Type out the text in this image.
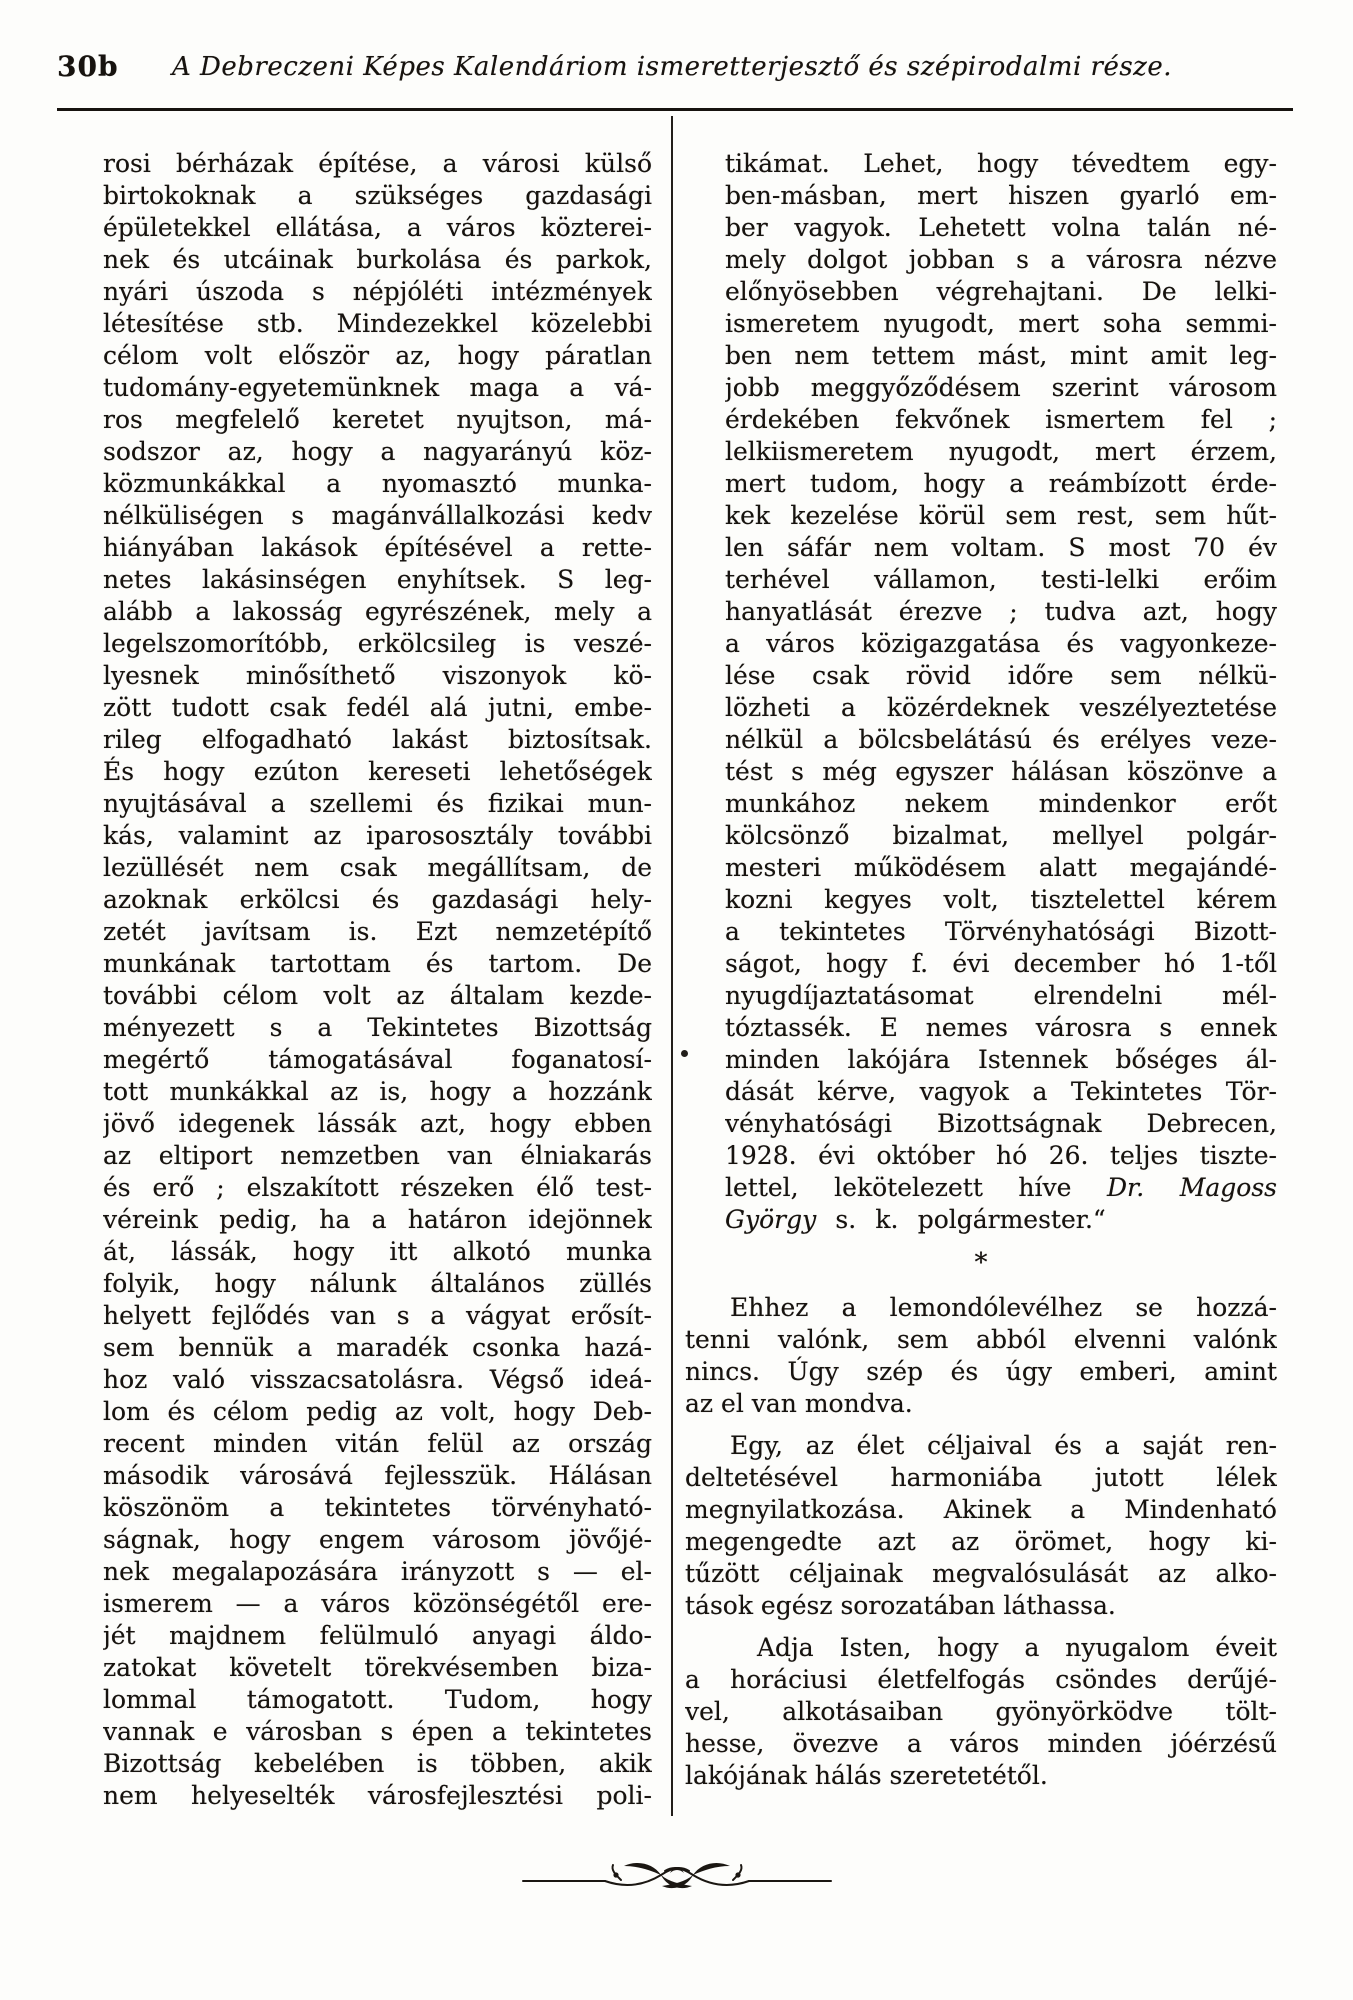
30b A Debreczeni Képes Kalendáriom ismeretterjesztő és szépirodalmi része.
rosi bérházak építése, a városi külső
birtokoknak a szükséges gazdasági
épületekkel ellátása, a város közterei-
nek és utcáinak burkolása és parkok,
nyári úszoda s népjóléti intézmények
létesítése stb. Mindezekkel közelebbi
célom volt először az, hogy páratlan
tudomány-egyetemünknek maga a vá-
ros megfelelő keretet nyujtson, má-
sodszor az, hogy a nagyarányú köz-
közmunkákkal a nyomasztó munka-
nélküliségen s magánvállalkozási kedv
hiányában lakások építésével a rette-
netes lakásinségen enyhítsek. S leg-
alább a lakosság egyrészének, mely a
legelszomorítóbb, erkölcsileg is veszé-
lyesnek minősíthető viszonyok kö-
zött tudott csak fedél alá jutni, embe-
rileg elfogadható lakást biztosítsak.
És hogy ezúton kereseti lehetőségek
nyujtásával a szellemi és fizikai mun-
kás, valamint az iparososztály további
lezüllését nem csak megállítsam, de
azoknak erkölcsi és gazdasági hely-
zetét javítsam is. Ezt nemzetépítő
munkának tartottam és tartom. De
további célom volt az általam kezde-
ményezett s a Tekintetes Bizottság
megértő támogatásával foganatosí-
tott munkákkal az is, hogy a hozzánk
jövő idegenek lássák azt, hogy ebben
az eltiport nemzetben van élniakarás
és erő ; elszakított részeken élő test-
véreink pedig, ha a határon idejönnek
át, lássák, hogy itt alkotó munka
folyik, hogy nálunk általános züllés
helyett fejlődés van s a vágyat erősít-
sem bennük a maradék csonka hazá-
hoz való visszacsatolásra. Végső ideá-
lom és célom pedig az volt, hogy Deb-
recent minden vitán felül az ország
második városává fejlesszük. Hálásan
köszönöm a tekintetes törvényható-
ságnak, hogy engem városom jövőjé-
nek megalapozására irányzott s — el-
ismerem — a város közönségétől ere-
jét majdnem felülmuló anyagi áldo-
zatokat követelt törekvésemben biza-
lommal támogatott. Tudom, hogy
vannak e városban s épen a tekintetes
Bizottság kebelében is többen, akik
nem helyeselték városfejlesztési poli-
tikámat. Lehet, hogy tévedtem egy-
ben-másban, mert hiszen gyarló em-
ber vagyok. Lehetett volna talán né-
mely dolgot jobban s a városra nézve
előnyösebben végrehajtani. De lelki-
ismeretem nyugodt, mert soha semmi-
ben nem tettem mást, mint amit leg-
jobb meggyőződésem szerint városom
érdekében fekvőnek ismertem fel ;
lelkiismeretem nyugodt, mert érzem,
mert tudom, hogy a reámbízott érde-
kek kezelése körül sem rest, sem hűt-
len sáfár nem voltam. S most 70 év
terhével vállamon, testi-lelki erőim
hanyatlását érezve ; tudva azt, hogy
a város közigazgatása és vagyonkeze-
lése csak rövid időre sem nélkü-
lözheti a közérdeknek veszélyeztetése
nélkül a bölcsbelátású és erélyes veze-
tést s még egyszer hálásan köszönve a
munkához nekem mindenkor erőt
kölcsönző bizalmat, mellyel polgár-
mesteri működésem alatt megajándé-
kozni kegyes volt, tisztelettel kérem
a tekintetes Törvényhatósági Bizott-
ságot, hogy f. évi december hó 1-től
nyugdíjaztatásomat elrendelni mél-
tóztassék. E nemes városra s ennek
minden lakójára Istennek bőséges ál-
dását kérve, vagyok a Tekintetes Tör-
vényhatósági Bizottságnak Debrecen,
1928. évi október hó 26. teljes tiszte-
lettel, lekötelezett híve Dr. Magoss
György s. k. polgármester.“
*
Ehhez a lemondólevélhez se hozzá-
tenni valónk, sem abból elvenni valónk
nincs. Úgy szép és úgy emberi, amint
az el van mondva.
Egy, az élet céljaival és a saját ren-
deltetésével harmoniába jutott lélek
megnyilatkozása. Akinek a Mindenható
megengedte azt az örömet, hogy ki-
tűzött céljainak megvalósulását az alko-
tások egész sorozatában láthassa.
Adja Isten, hogy a nyugalom éveit
a horáciusi életfelfogás csöndes derűjé-
vel, alkotásaiban gyönyörködve tölt-
hesse, övezve a város minden jóérzésű
lakójának hálás szeretetétől.
